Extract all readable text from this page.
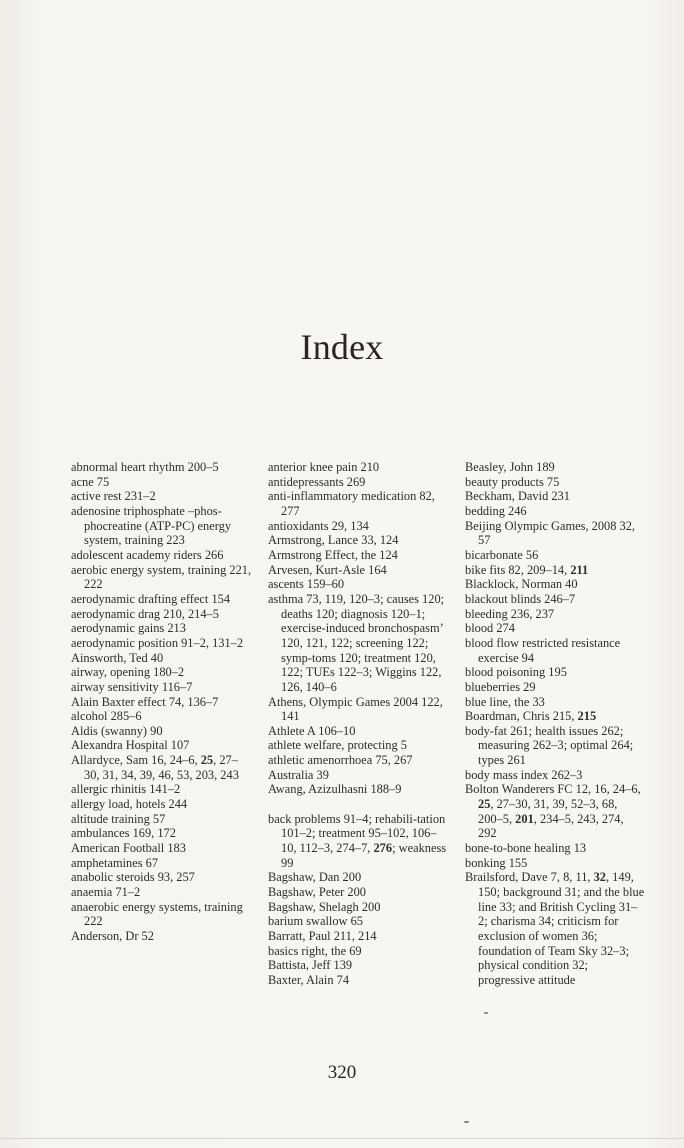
Index

abnormal heart rhythm 200–5

acne 75

active rest 231–2

adenosine triphosphate –phos-phocreatine (ATP-PC) energy system, training 223

adolescent academy riders 266

aerobic energy system, training 221, 222

aerodynamic drafting effect 154

aerodynamic drag 210, 214–5

aerodynamic gains 213

aerodynamic position 91–2, 131–2

Ainsworth, Ted 40

airway, opening 180–2

airway sensitivity 116–7

Alain Baxter effect 74, 136–7

alcohol 285–6

Aldis (swanny) 90

Alexandra Hospital 107

Allardyce, Sam 16, 24–6, 25, 27–30, 31, 34, 39, 46, 53, 203, 243

allergic rhinitis 141–2

allergy load, hotels 244

altitude training 57

ambulances 169, 172

American Football 183

amphetamines 67

anabolic steroids 93, 257

anaemia 71–2

anaerobic energy systems, training 222

Anderson, Dr 52

anterior knee pain 210

antidepressants 269

anti-inflammatory medication 82, 277

antioxidants 29, 134

Armstrong, Lance 33, 124

Armstrong Effect, the 124

Arvesen, Kurt-Asle 164

ascents 159–60

asthma 73, 119, 120–3; causes 120; deaths 120; diagnosis 120–1; exercise-induced bronchospasm’ 120, 121, 122; screening 122; symp-toms 120; treatment 120, 122; TUEs 122–3; Wiggins 122, 126, 140–6

Athens, Olympic Games 2004 122, 141

Athlete A 106–10

athlete welfare, protecting 5

athletic amenorrhoea 75, 267

Australia 39

Awang, Azizulhasni 188–9

back problems 91–4; rehabili-tation 101–2; treatment 95–102, 106–10, 112–3, 274–7, 276; weakness 99

Bagshaw, Dan 200

Bagshaw, Peter 200

Bagshaw, Shelagh 200

barium swallow 65

Barratt, Paul 211, 214

basics right, the 69

Battista, Jeff 139

Baxter, Alain 74

Beasley, John 189

beauty products 75

Beckham, David 231

bedding 246

Beijing Olympic Games, 2008 32, 57

bicarbonate 56

bike fits 82, 209–14, 211

Blacklock, Norman 40

blackout blinds 246–7

bleeding 236, 237

blood 274

blood flow restricted resistance exercise 94

blood poisoning 195

blueberries 29

blue line, the 33

Boardman, Chris 215, 215

body-fat 261; health issues 262; measuring 262–3; optimal 264; types 261

body mass index 262–3

Bolton Wanderers FC 12, 16, 24–6, 25, 27–30, 31, 39, 52–3, 68, 200–5, 201, 234–5, 243, 274, 292

bone-to-bone healing 13

bonking 155

Brailsford, Dave 7, 8, 11, 32, 149, 150; background 31; and the blue line 33; and British Cycling 31–2; charisma 34; criticism for exclusion of women 36; foundation of Team Sky 32–3; physical condition 32; progressive attitude

320
